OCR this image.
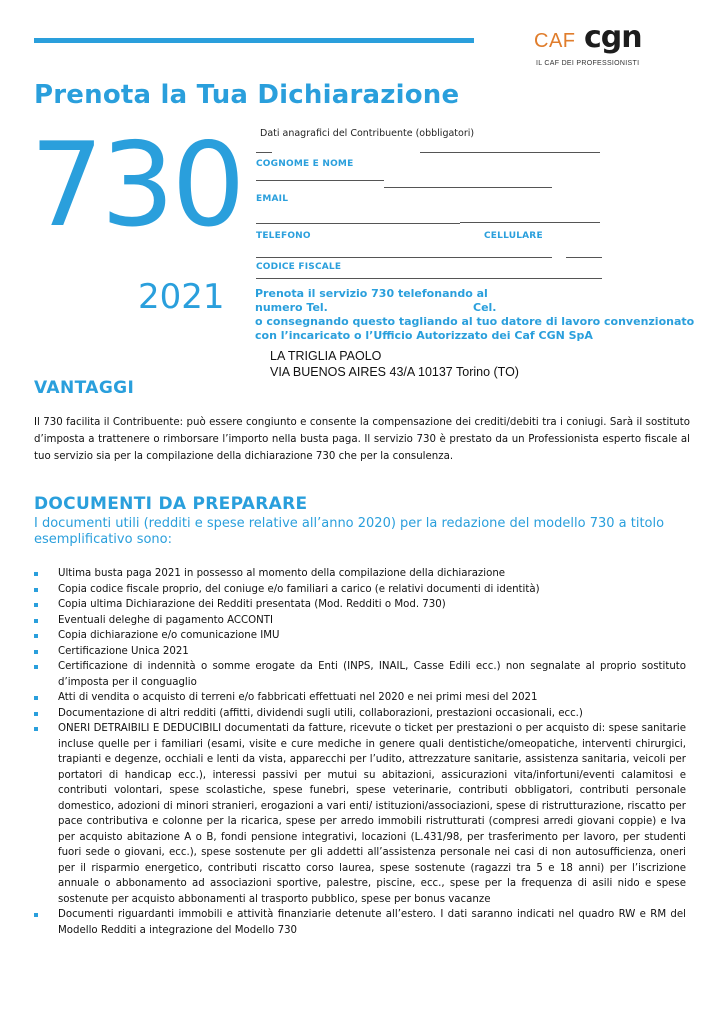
CAF cgn
IL CAF DEI PROFESSIONISTI
Prenota la Tua Dichiarazione
730
2021
Dati anagrafici del Contribuente (obbligatori)
COGNOME E NOME
EMAIL
TELEFONO	CELLULARE
CODICE FISCALE
Prenota il servizio 730 telefonando al
numero Tel.	Cel.
o consegnando questo tagliando al tuo datore di lavoro convenzionato
con l’incaricato o l’Ufficio Autorizzato dei Caf CGN SpA
LA TRIGLIA PAOLO
VIA BUENOS AIRES 43/A 10137 Torino (TO)
VANTAGGI

Il 730 facilita il Contribuente: può essere congiunto e consente la compensazione dei crediti/debiti tra i coniugi. Sarà il sostituto d’imposta a trattenere o rimborsare l’importo nella busta paga. Il servizio 730 è prestato da un Professionista esperto fiscale al tuo servizio sia per la compilazione della dichiarazione 730 che per la consulenza.

DOCUMENTI DA PREPARARE

I documenti utili (redditi e spese relative all’anno 2020) per la redazione del modello 730 a titolo esemplificativo sono:

Ultima busta paga 2021 in possesso al momento della compilazione della dichiarazione
Copia codice fiscale proprio, del coniuge e/o familiari a carico (e relativi documenti di identità)
Copia ultima Dichiarazione dei Redditi presentata (Mod. Redditi o Mod. 730)
Eventuali deleghe di pagamento ACCONTI
Copia dichiarazione e/o comunicazione IMU
Certificazione Unica 2021
Certificazione di indennità o somme erogate da Enti (INPS, INAIL, Casse Edili ecc.) non segnalate al proprio sostituto d’imposta per il conguaglio
Atti di vendita o acquisto di terreni e/o fabbricati effettuati nel 2020 e nei primi mesi del 2021
Documentazione di altri redditi (affitti, dividendi sugli utili, collaborazioni, prestazioni occasionali, ecc.)
ONERI DETRAIBILI E DEDUCIBILI documentati da fatture, ricevute o ticket per prestazioni o per acquisto di: spese sanitarie incluse quelle per i familiari (esami, visite e cure mediche in genere quali dentistiche/omeopatiche, interventi chirurgici, trapianti e degenze, occhiali e lenti da vista, apparecchi per l’udito, attrezzature sanitarie, assistenza sanitaria, veicoli per portatori di handicap ecc.), interessi passivi per mutui su abitazioni, assicurazioni vita/infortuni/eventi calamitosi e contributi volontari, spese scolastiche, spese funebri, spese veterinarie, contributi obbligatori, contributi personale domestico, adozioni di minori stranieri, erogazioni a vari enti/ istituzioni/associazioni, spese di ristrutturazione, riscatto per pace contributiva e colonne per la ricarica, spese per arredo immobili ristrutturati (compresi arredi giovani coppie) e Iva per acquisto abitazione A o B, fondi pensione integrativi, locazioni (L.431/98, per trasferimento per lavoro, per studenti fuori sede o giovani, ecc.), spese sostenute per gli addetti all’assistenza personale nei casi di non autosufficienza, oneri per il risparmio energetico, contributi riscatto corso laurea, spese sostenute (ragazzi tra 5 e 18 anni) per l’iscrizione annuale o abbonamento ad associazioni sportive, palestre, piscine, ecc., spese per la frequenza di asili nido e spese sostenute per acquisto abbonamenti al trasporto pubblico, spese per bonus vacanze
Documenti riguardanti immobili e attività finanziarie detenute all’estero. I dati saranno indicati nel quadro RW e RM del Modello Redditi a integrazione del Modello 730
